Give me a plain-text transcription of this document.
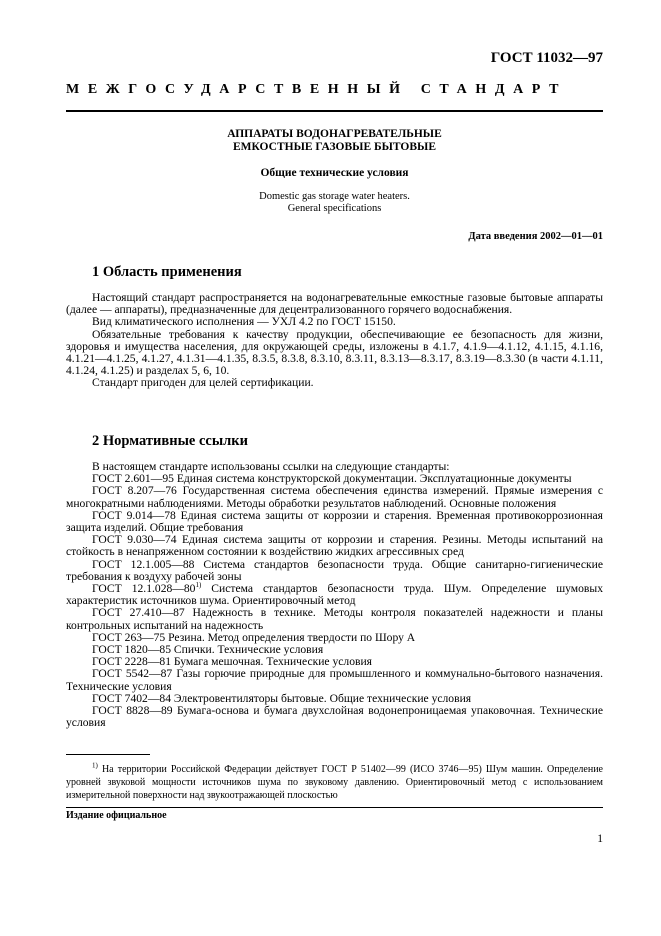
ГОСТ 11032—97
МЕЖГОСУДАРСТВЕННЫЙ СТАНДАРТ
АППАРАТЫ ВОДОНАГРЕВАТЕЛЬНЫЕ
ЕМКОСТНЫЕ ГАЗОВЫЕ БЫТОВЫЕ
Общие технические условия
Domestic gas storage water heaters.
General specifications
Дата введения 2002—01—01
1 Область применения

Настоящий стандарт распространяется на водонагревательные емкостные газовые бытовые аппараты (далее — аппараты), предназначенные для децентрализованного горячего водоснабжения.

Вид климатического исполнения — УХЛ 4.2 по ГОСТ 15150.

Обязательные требования к качеству продукции, обеспечивающие ее безопасность для жизни, здоровья и имущества населения, для окружающей среды, изложены в 4.1.7, 4.1.9—4.1.12, 4.1.15, 4.1.16, 4.1.21—4.1.25, 4.1.27, 4.1.31—4.1.35, 8.3.5, 8.3.8, 8.3.10, 8.3.11, 8.3.13—8.3.17, 8.3.19—8.3.30 (в части 4.1.11, 4.1.24, 4.1.25) и разделах 5, 6, 10.

Стандарт пригоден для целей сертификации.

2 Нормативные ссылки

В настоящем стандарте использованы ссылки на следующие стандарты:

ГОСТ 2.601—95 Единая система конструкторской документации. Эксплуатационные документы

ГОСТ 8.207—76 Государственная система обеспечения единства измерений. Прямые измерения с многократными наблюдениями. Методы обработки результатов наблюдений. Основные положения

ГОСТ 9.014—78 Единая система защиты от коррозии и старения. Временная противокоррозионная защита изделий. Общие требования

ГОСТ 9.030—74 Единая система защиты от коррозии и старения. Резины. Методы испытаний на стойкость в ненапряженном состоянии к воздействию жидких агрессивных сред

ГОСТ 12.1.005—88 Система стандартов безопасности труда. Общие санитарно-гигиенические требования к воздуху рабочей зоны

ГОСТ 12.1.028—80$^{1)}$ Система стандартов безопасности труда. Шум. Определение шумовых характеристик источников шума. Ориентировочный метод

ГОСТ 27.410—87 Надежность в технике. Методы контроля показателей надежности и планы контрольных испытаний на надежность

ГОСТ 263—75 Резина. Метод определения твердости по Шору А

ГОСТ 1820—85 Спички. Технические условия

ГОСТ 2228—81 Бумага мешочная. Технические условия

ГОСТ 5542—87 Газы горючие природные для промышленного и коммунально-бытового назначения. Технические условия

ГОСТ 7402—84 Электровентиляторы бытовые. Общие технические условия

ГОСТ 8828—89 Бумага-основа и бумага двухслойная водонепроницаемая упаковочная. Технические условия

$^{1)}$ На территории Российской Федерации действует ГОСТ Р 51402—99 (ИСО 3746—95) Шум машин. Определение уровней звуковой мощности источников шума по звуковому давлению. Ориентировочный метод с использованием измерительной поверхности над звукоотражающей плоскостью
Издание официальное
1
